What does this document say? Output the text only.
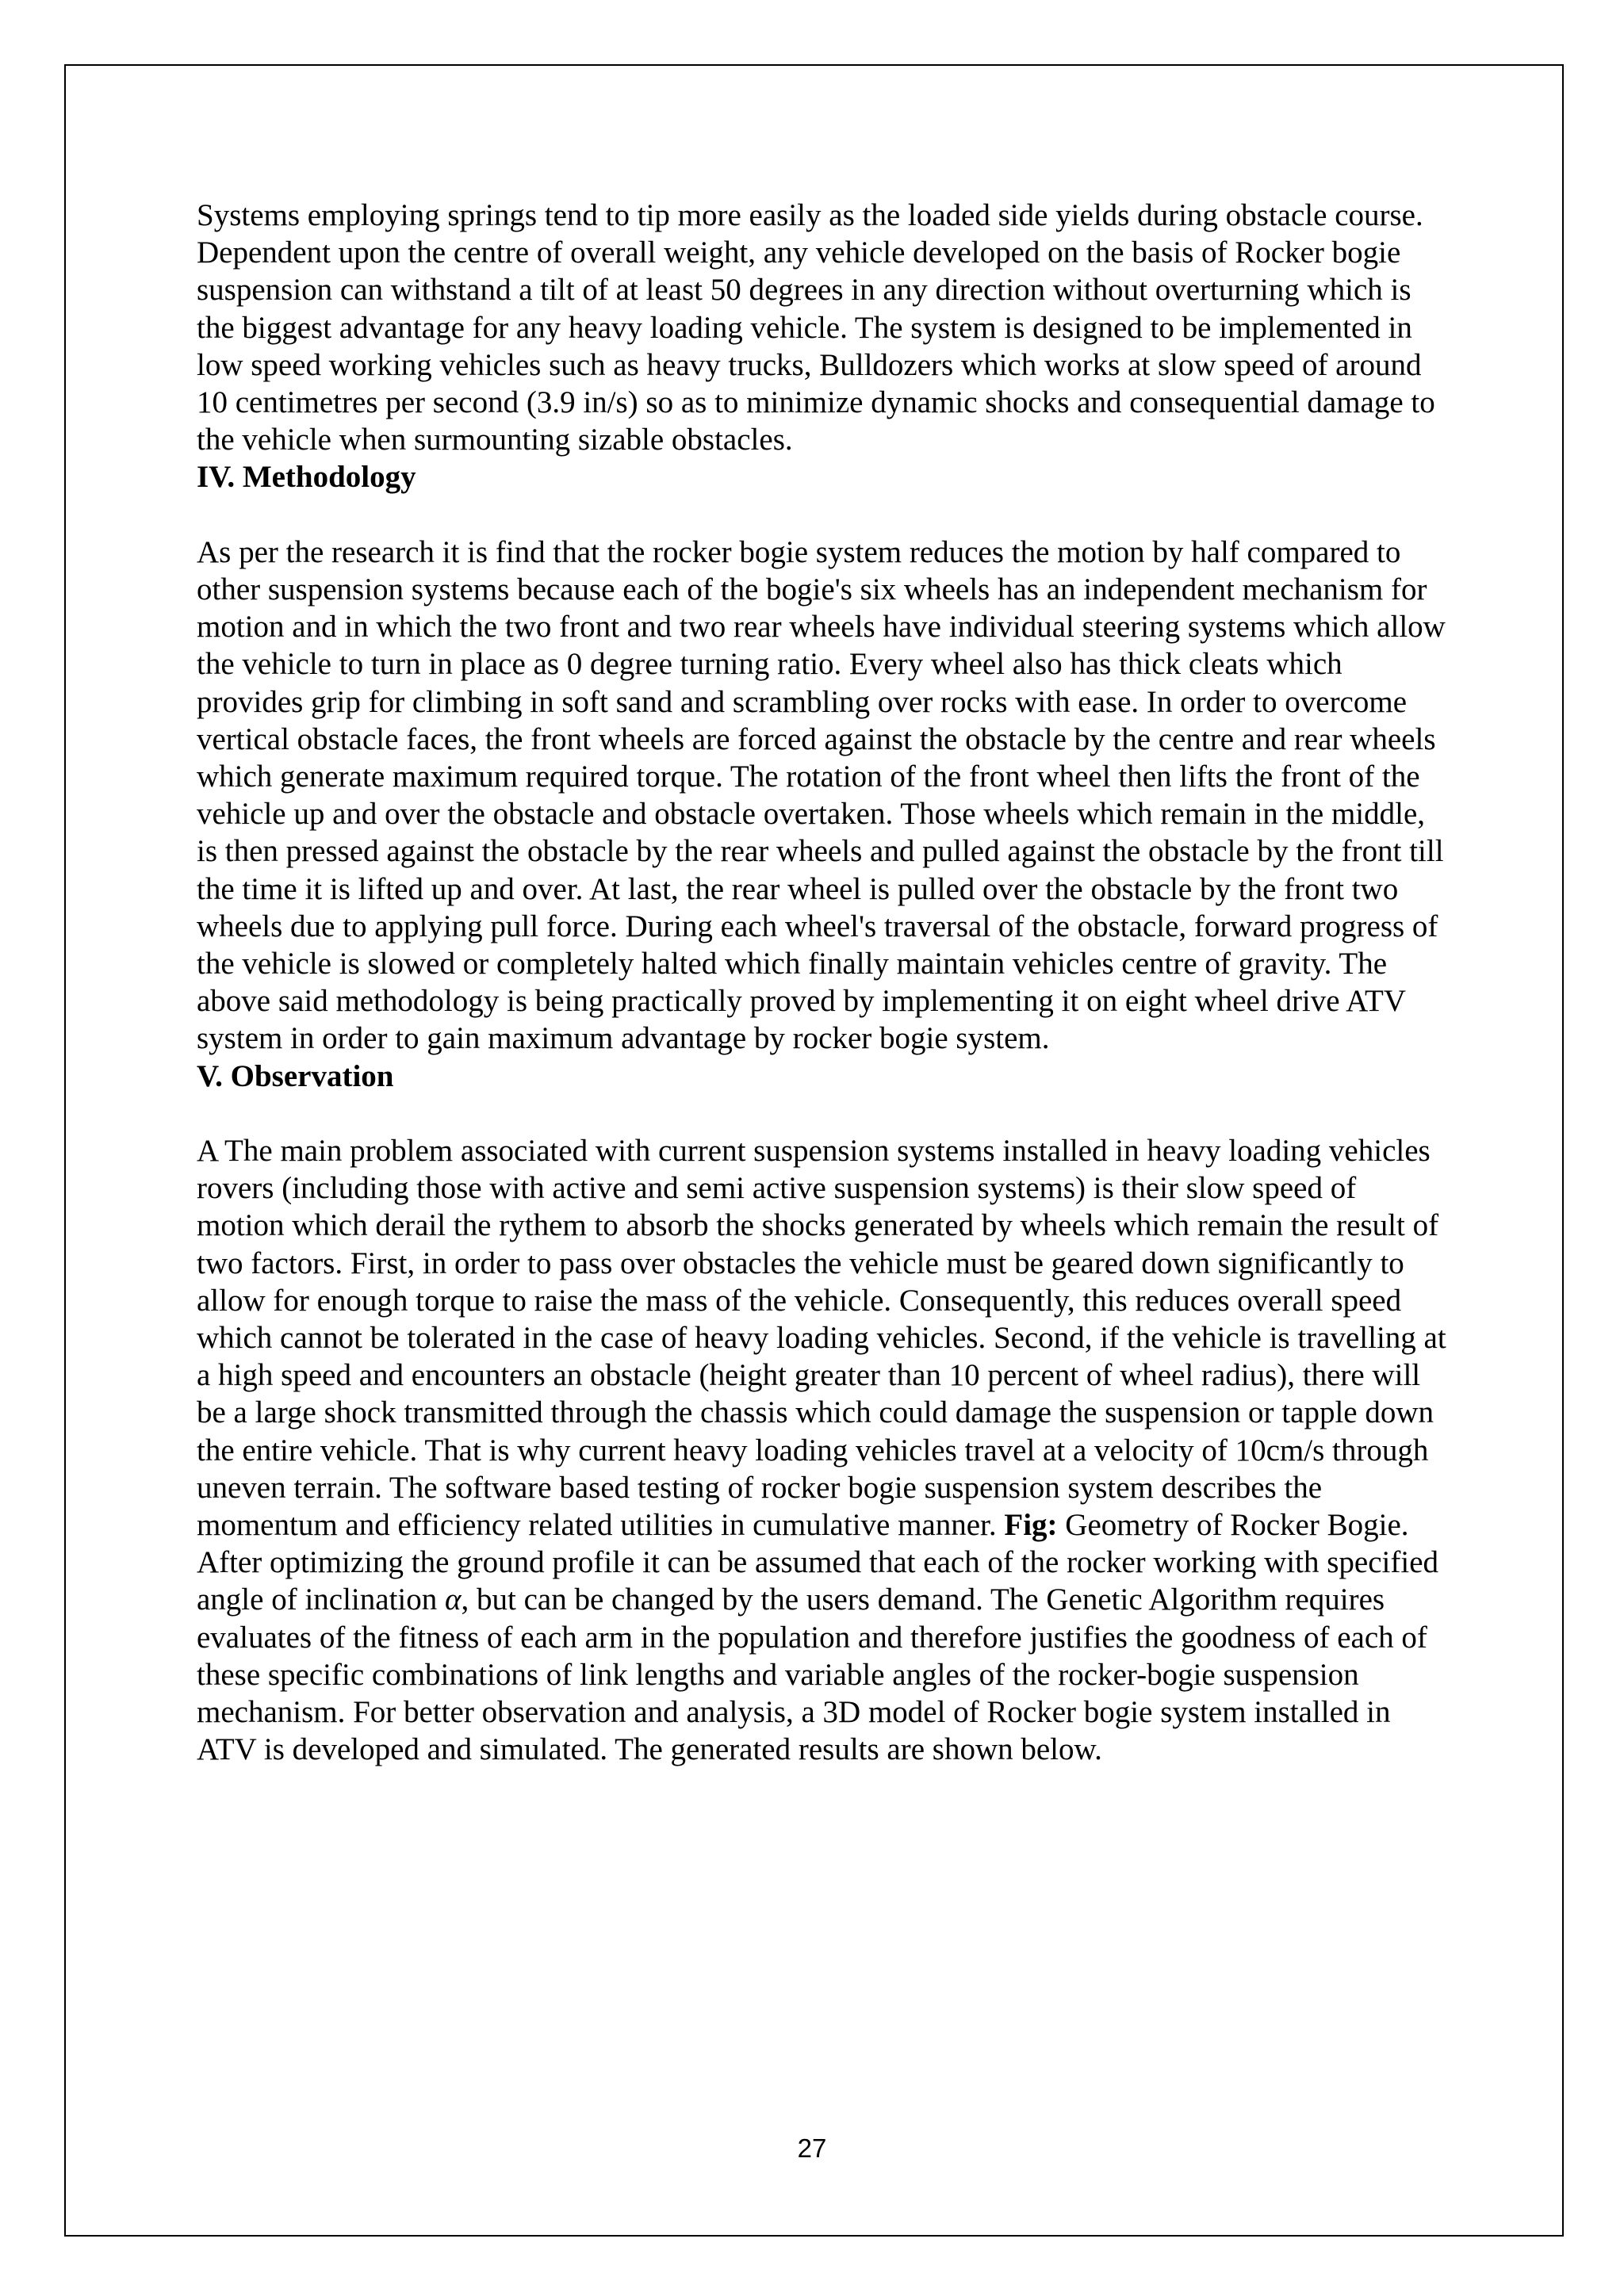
Systems employing springs tend to tip more easily as the loaded side yields during obstacle course. Dependent upon the centre of overall weight, any vehicle developed on the basis of Rocker bogie suspension can withstand a tilt of at least 50 degrees in any direction without overturning which is the biggest advantage for any heavy loading vehicle. The system is designed to be implemented in low speed working vehicles such as heavy trucks, Bulldozers which works at slow speed of around 10 centimetres per second (3.9 in/s) so as to minimize dynamic shocks and consequential damage to the vehicle when surmounting sizable obstacles.

IV. Methodology

As per the research it is find that the rocker bogie system reduces the motion by half compared to other suspension systems because each of the bogie's six wheels has an independent mechanism for motion and in which the two front and two rear wheels have individual steering systems which allow the vehicle to turn in place as 0 degree turning ratio. Every wheel also has thick cleats which provides grip for climbing in soft sand and scrambling over rocks with ease. In order to overcome vertical obstacle faces, the front wheels are forced against the obstacle by the centre and rear wheels which generate maximum required torque. The rotation of the front wheel then lifts the front of the vehicle up and over the obstacle and obstacle overtaken. Those wheels which remain in the middle, is then pressed against the obstacle by the rear wheels and pulled against the obstacle by the front till the time it is lifted up and over. At last, the rear wheel is pulled over the obstacle by the front two wheels due to applying pull force. During each wheel's traversal of the obstacle, forward progress of the vehicle is slowed or completely halted which finally maintain vehicles centre of gravity. The above said methodology is being practically proved by implementing it on eight wheel drive ATV system in order to gain maximum advantage by rocker bogie system.

V. Observation

A The main problem associated with current suspension systems installed in heavy loading vehicles rovers (including those with active and semi active suspension systems) is their slow speed of motion which derail the rythem to absorb the shocks generated by wheels which remain the result of two factors. First, in order to pass over obstacles the vehicle must be geared down significantly to allow for enough torque to raise the mass of the vehicle. Consequently, this reduces overall speed which cannot be tolerated in the case of heavy loading vehicles. Second, if the vehicle is travelling at a high speed and encounters an obstacle (height greater than 10 percent of wheel radius), there will be a large shock transmitted through the chassis which could damage the suspension or tapple down the entire vehicle. That is why current heavy loading vehicles travel at a velocity of 10cm/s through uneven terrain. The software based testing of rocker bogie suspension system describes the momentum and efficiency related utilities in cumulative manner. Fig: Geometry of Rocker Bogie. After optimizing the ground profile it can be assumed that each of the rocker working with specified angle of inclination α, but can be changed by the users demand. The Genetic Algorithm requires evaluates of the fitness of each arm in the population and therefore justifies the goodness of each of these specific combinations of link lengths and variable angles of the rocker-bogie suspension mechanism. For better observation and analysis, a 3D model of Rocker bogie system installed in ATV is developed and simulated. The generated results are shown below.

27
